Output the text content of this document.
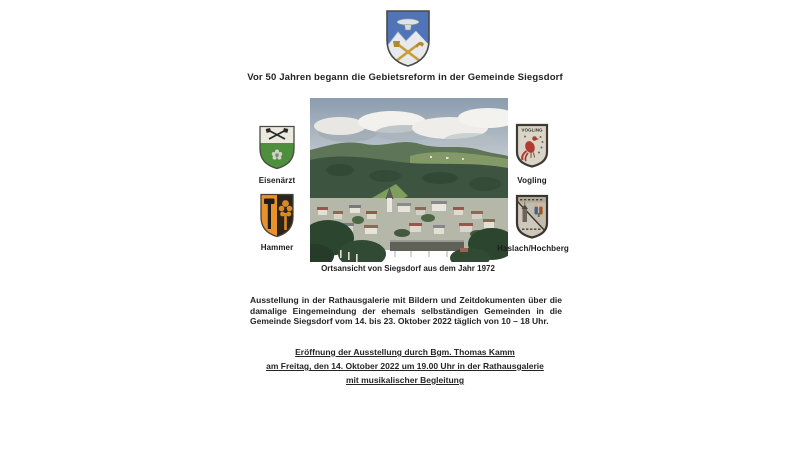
Vor 50 Jahren begann die Gebietsreform in der Gemeinde Siegsdorf
Eisenärzt
Hammer
VOGLING
Vogling
Haslach/Hochberg
Ortsansicht von Siegsdorf aus dem Jahr 1972
Ausstellung in der Rathausgalerie mit Bildern und Zeitdokumenten über die damalige Eingemeindung der ehemals selbständigen Gemeinden in die Gemeinde Siegsdorf vom 14. bis 23. Oktober 2022 täglich von 10 – 18 Uhr.
Eröffnung der Ausstellung durch Bgm. Thomas Kamm
am Freitag, den 14. Oktober 2022 um 19.00 Uhr in der Rathausgalerie
mit musikalischer Begleitung
